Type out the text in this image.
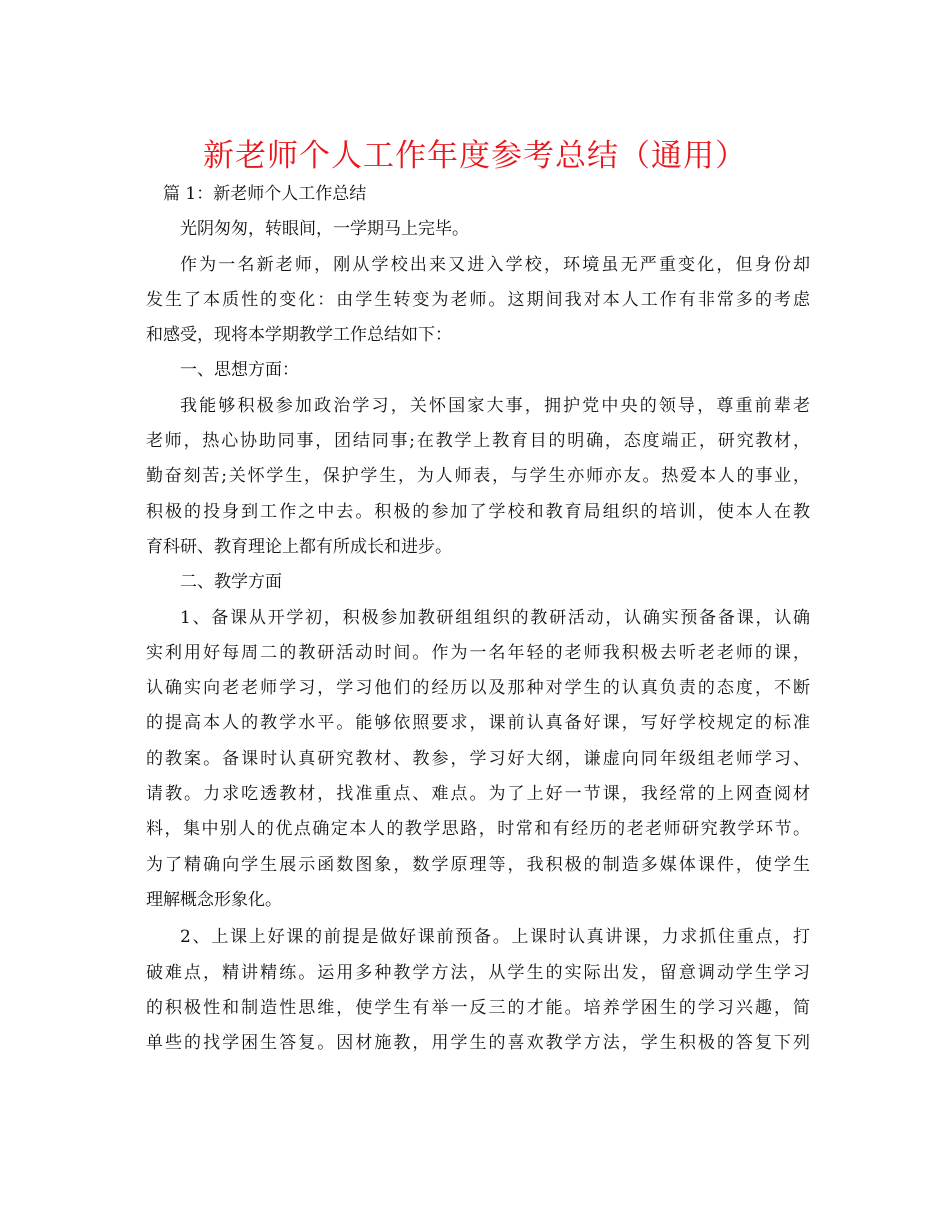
新老师个人工作年度参考总结（通用）

篇 1：新老师个人工作总结

光阴匆匆，转眼间，一学期马上完毕。

作为一名新老师，刚从学校出来又进入学校，环境虽无严重变化，但身份却
发生了本质性的变化：由学生转变为老师。这期间我对本人工作有非常多的考虑
和感受，现将本学期教学工作总结如下：

一、思想方面：

我能够积极参加政治学习，关怀国家大事，拥护党中央的领导，尊重前辈老
老师，热心协助同事，团结同事;在教学上教育目的明确，态度端正，研究教材，
勤奋刻苦;关怀学生，保护学生，为人师表，与学生亦师亦友。热爱本人的事业，
积极的投身到工作之中去。积极的参加了学校和教育局组织的培训，使本人在教
育科研、教育理论上都有所成长和进步。

二、教学方面

1、备课从开学初，积极参加教研组组织的教研活动，认确实预备备课，认确
实利用好每周二的教研活动时间。作为一名年轻的老师我积极去听老老师的课，
认确实向老老师学习，学习他们的经历以及那种对学生的认真负责的态度，不断
的提高本人的教学水平。能够依照要求，课前认真备好课，写好学校规定的标准
的教案。备课时认真研究教材、教参，学习好大纲，谦虚向同年级组老师学习、
请教。力求吃透教材，找准重点、难点。为了上好一节课，我经常的上网查阅材
料，集中别人的优点确定本人的教学思路，时常和有经历的老老师研究教学环节。
为了精确向学生展示函数图象，数学原理等，我积极的制造多媒体课件，使学生
理解概念形象化。

2、上课上好课的前提是做好课前预备。上课时认真讲课，力求抓住重点，打
破难点，精讲精练。运用多种教学方法，从学生的实际出发，留意调动学生学习
的积极性和制造性思维，使学生有举一反三的才能。培养学困生的学习兴趣，简
单些的找学困生答复。因材施教，用学生的喜欢教学方法，学生积极的答复下列
